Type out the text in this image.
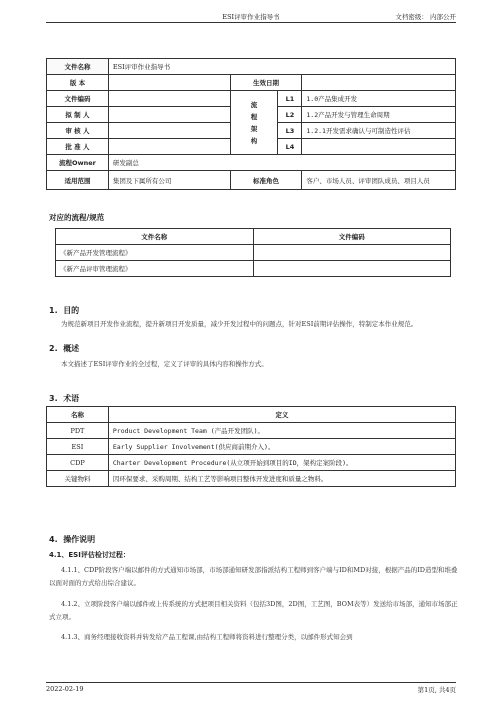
ESI评审作业指导书	文档密级： 内部公开
文件名称	ESI评审作业指导书			
版 本		生效日期		
文件编码		流程架构	L1	1.0产品集成开发
拟 制 人			L2	1.2产品开发与管理生命周期
审 核 人			L3	1.2.1开发需求确认与可制造性评估
批 准 人			L4	
流程Owner	研发副总			
适用范围	集团及下属所有公司	标准角色		客户、市场人员、评审团队成员、项目人员
对应的流程/规范
文件名称	文件编码
《新产品开发管理流程》	
《新产品评审管理流程》	
1. 目的
为规范新项目开发作业流程，提升新项目开发质量，减少开发过程中的问题点，针对ESI前期评估操作，特制定本作业规范。
2. 概述
本文描述了ESI评审作业的全过程，定义了评审的具体内容和操作方式。
3. 术语
名称	定义
PDT	Product Development Team (产品开发团队)。
ESI	Early Supplier Involvement(供应商前期介入)。
CDP	Charter Development Procedure(从立项开始到项目的ID，架构定案阶段)。
关键物料	因环保要求、采购周期、结构工艺等影响项目整体开发进度和质量之物料。
4. 操作说明
4.1、ESI评估检讨过程：
4.1.1、CDP阶段客户端以邮件的方式通知市场部，市场部通知研发部指派结构工程师到客户端与ID和MD对接，根据产品的ID造型和堆叠以面对面的方式给出综合建议。
4.1.2、立项阶段客户端以邮件或上传系统的方式把项目相关资料（包括3D图，2D图，工艺图，BOM表等）发送给市场部，通知市场部正式立项。
4.1.3、商务经理接收资料并转发给产品工程课,由结构工程师将资料进行整理分类，以邮件形式知会到
2022-02-19	第1页, 共4页
